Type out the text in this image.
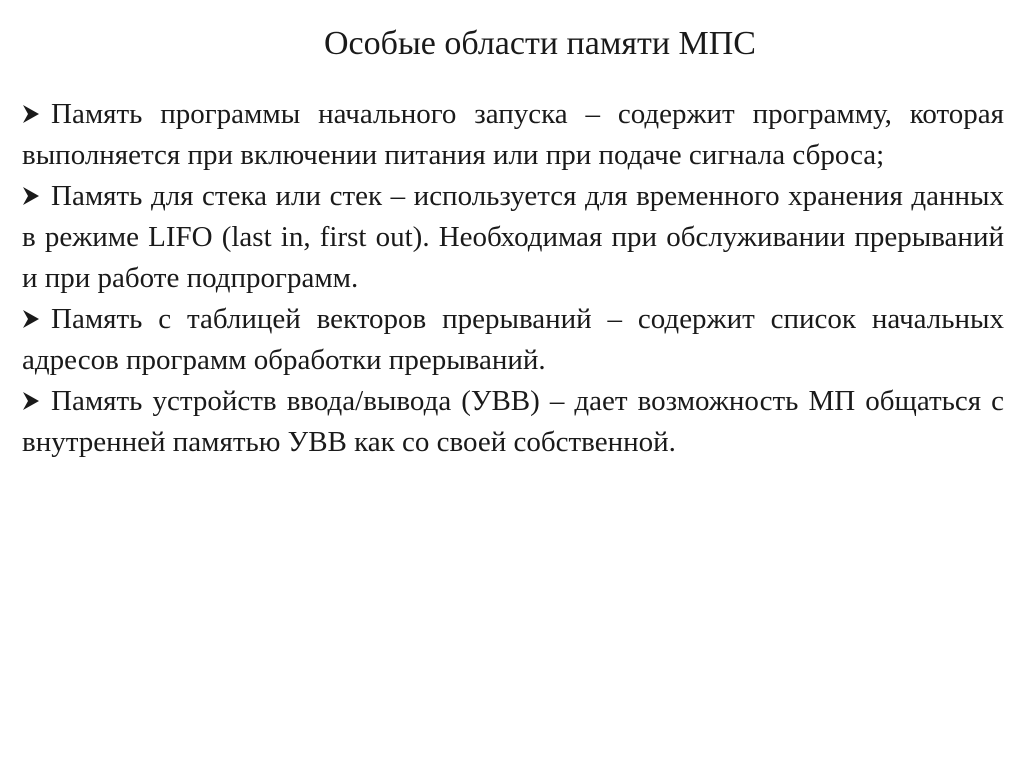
Особые области памяти МПС
Память программы начального запуска – содержит программу, которая выполняется при включении питания или при подаче сигнала сброса;
Память для стека или стек – используется для временного хранения данных в режиме LIFO (last in, first out). Необходимая при обслуживании прерываний и при работе подпрограмм.
Память с таблицей векторов прерываний – содержит список начальных адресов программ обработки прерываний.
Память устройств ввода/вывода (УВВ) – дает возможность МП общаться с внутренней памятью УВВ как со своей собственной.
